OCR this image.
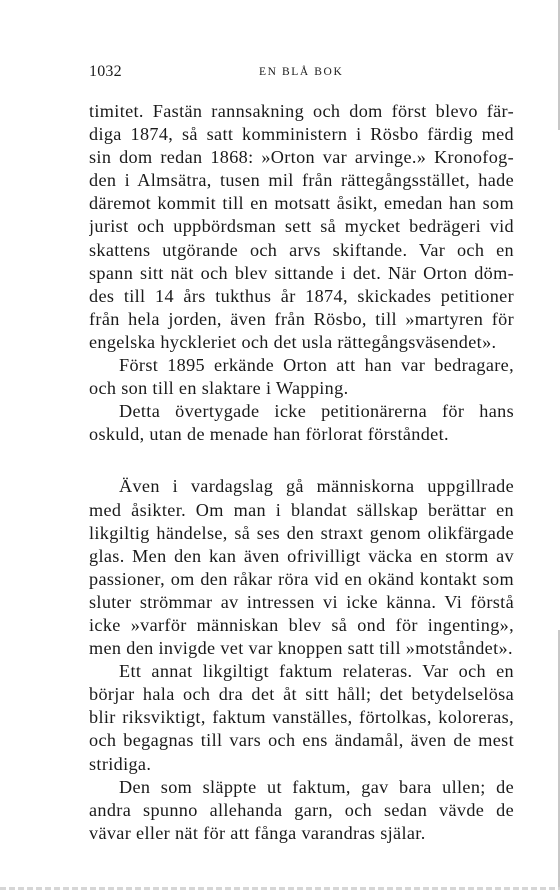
1032	EN BLÅ BOK
timitet. Fastän rannsakning och dom först blevo fär-
diga 1874, så satt komministern i Rösbo färdig med
sin dom redan 1868: »Orton var arvinge.» Kronofog-
den i Almsätra, tusen mil från rättegångsstället, hade
däremot kommit till en motsatt åsikt, emedan han som
jurist och uppbördsman sett så mycket bedrägeri vid
skattens utgörande och arvs skiftande. Var och en
spann sitt nät och blev sittande i det. När Orton döm-
des till 14 års tukthus år 1874, skickades petitioner
från hela jorden, även från Rösbo, till »martyren för
engelska hyckleriet och det usla rättegångsväsendet».
Först 1895 erkände Orton att han var bedragare,
och son till en slaktare i Wapping.
Detta övertygade icke petitionärerna för hans
oskuld, utan de menade han förlorat förståndet.
Även i vardagslag gå människorna uppgillrade
med åsikter. Om man i blandat sällskap berättar en
likgiltig händelse, så ses den straxt genom olikfärgade
glas. Men den kan även ofrivilligt väcka en storm av
passioner, om den råkar röra vid en okänd kontakt som
sluter strömmar av intressen vi icke känna. Vi förstå
icke »varför människan blev så ond för ingenting»,
men den invigde vet var knoppen satt till »motståndet».
Ett annat likgiltigt faktum relateras. Var och en
börjar hala och dra det åt sitt håll; det betydelselösa
blir riksviktigt, faktum vanställes, förtolkas, koloreras,
och begagnas till vars och ens ändamål, även de mest
stridiga.
Den som släppte ut faktum, gav bara ullen; de
andra spunno allehanda garn, och sedan vävde de
vävar eller nät för att fånga varandras själar.
